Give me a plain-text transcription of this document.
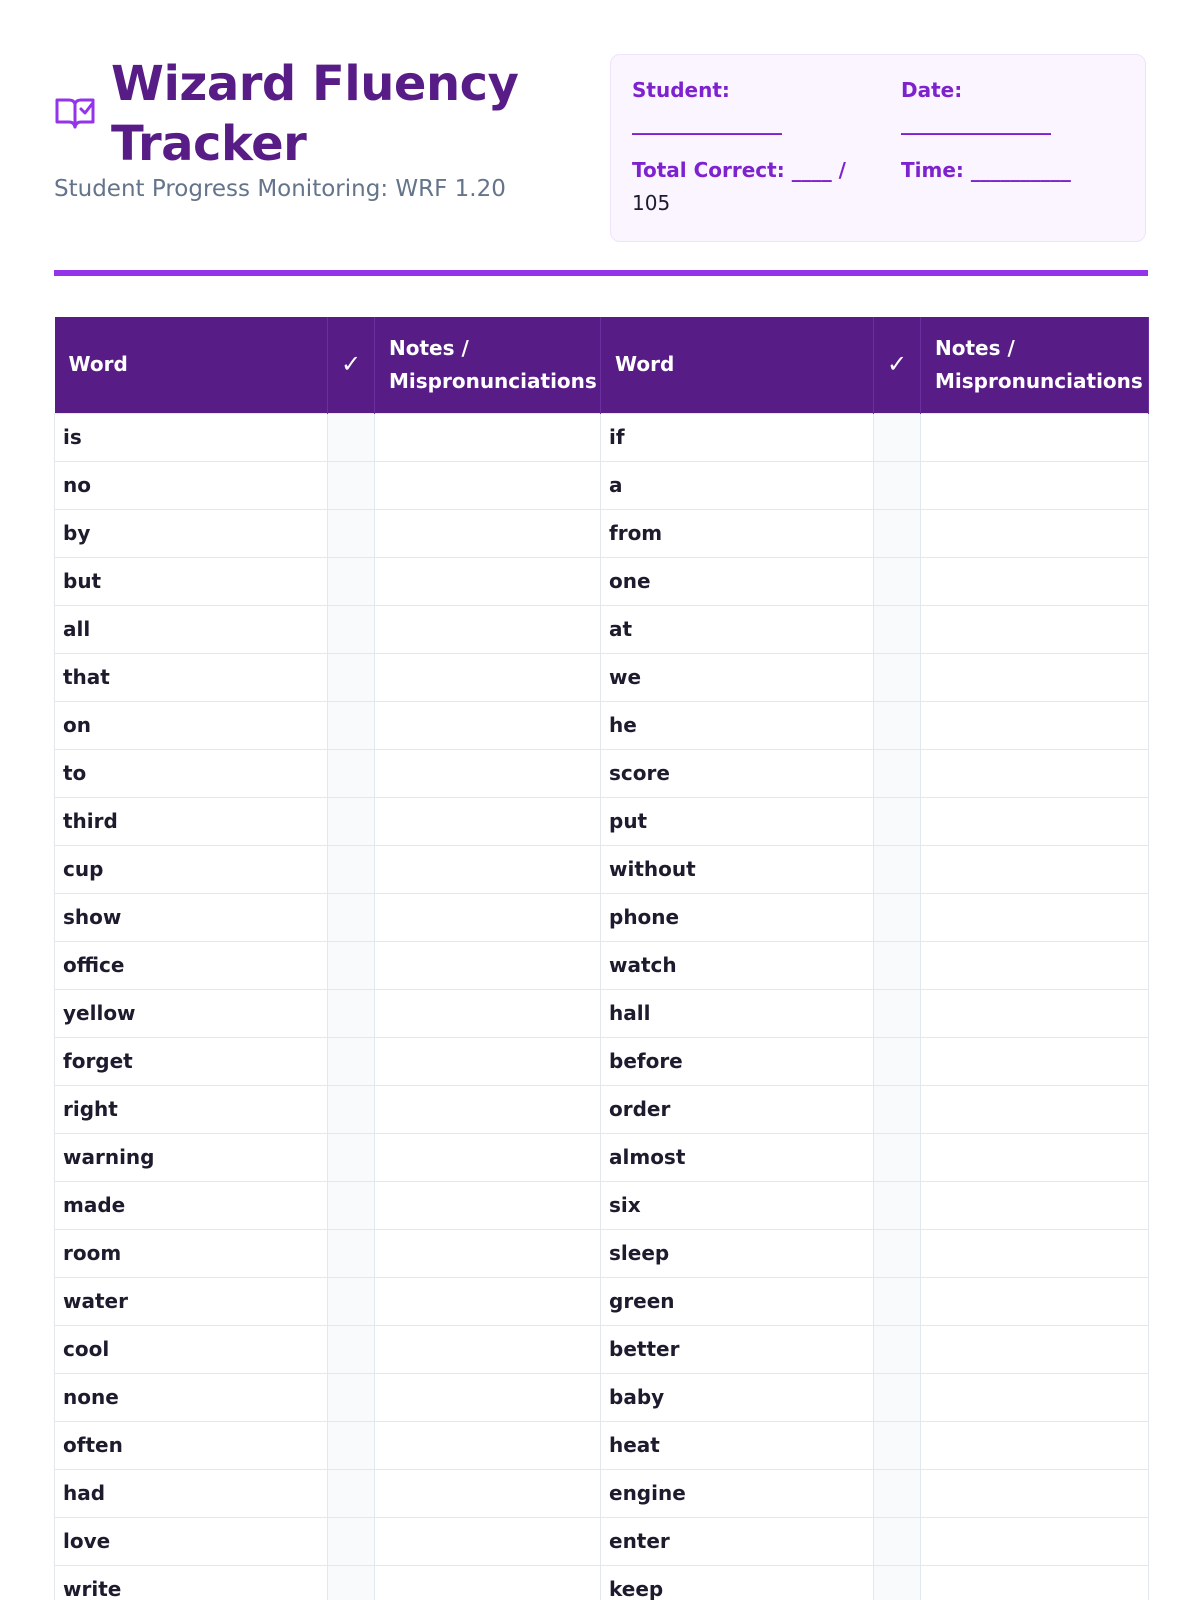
Wizard Fluency Tracker
Student Progress Monitoring: WRF 1.20
Student:
_______________
Date:
_______________
Total Correct: ____ /
105
Time: __________
Word	✓	Notes / Mispronunciations	Word	✓	Notes / Mispronunciations
is			if		
no			a		
by			from		
but			one		
all			at		
that			we		
on			he		
to			score		
third			put		
cup			without		
show			phone		
office			watch		
yellow			hall		
forget			before		
right			order		
warning			almost		
made			six		
room			sleep		
water			green		
cool			better		
none			baby		
often			heat		
had			engine		
love			enter		
write			keep		
